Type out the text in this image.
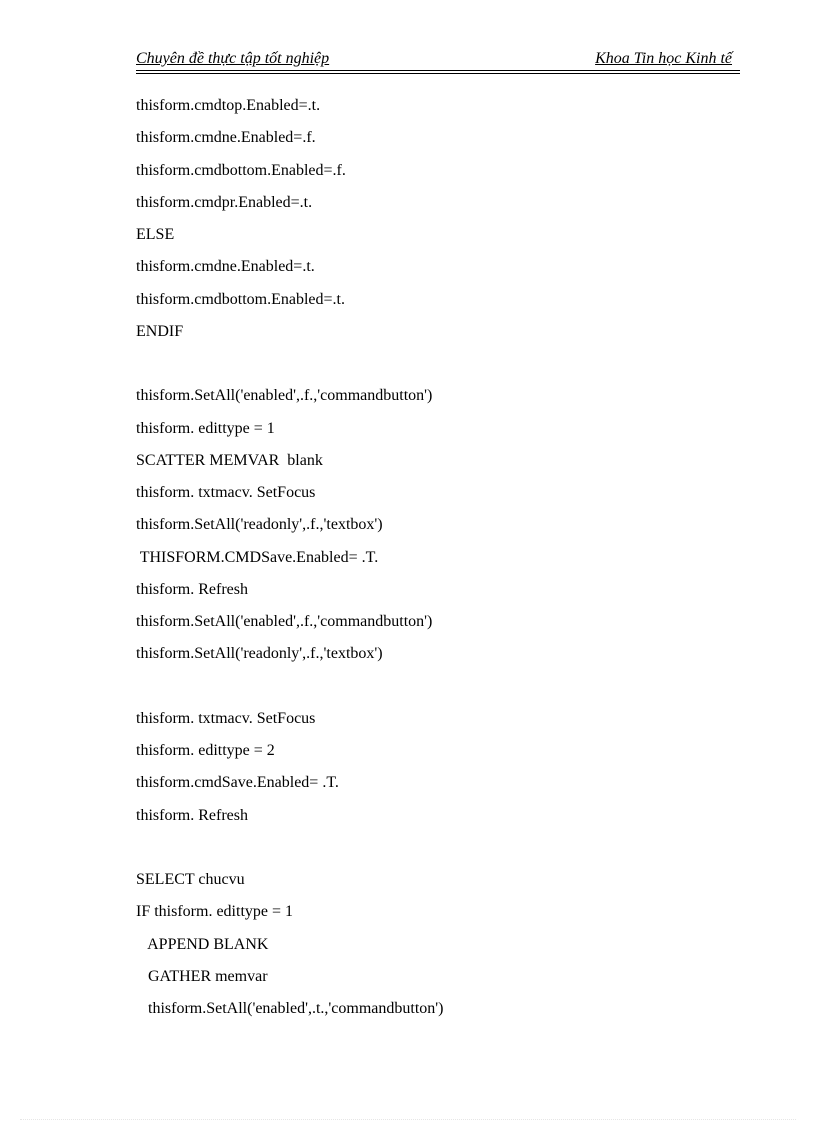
Chuyên đề thực tập tốt nghiệp	Khoa Tin học Kinh tế
thisform.cmdtop.Enabled=.t.
thisform.cmdne.Enabled=.f.
thisform.cmdbottom.Enabled=.f.
thisform.cmdpr.Enabled=.t.
ELSE
thisform.cmdne.Enabled=.t.
thisform.cmdbottom.Enabled=.t.
ENDIF
thisform.SetAll('enabled',.f.,'commandbutton')
thisform. edittype = 1
SCATTER MEMVAR  blank
thisform. txtmacv. SetFocus
thisform.SetAll('readonly',.f.,'textbox')
THISFORM.CMDSave.Enabled= .T.
thisform. Refresh
thisform.SetAll('enabled',.f.,'commandbutton')
thisform.SetAll('readonly',.f.,'textbox')
thisform. txtmacv. SetFocus
thisform. edittype = 2
thisform.cmdSave.Enabled= .T.
thisform. Refresh
SELECT chucvu
IF thisform. edittype = 1
APPEND BLANK
GATHER memvar
thisform.SetAll('enabled',.t.,'commandbutton')
